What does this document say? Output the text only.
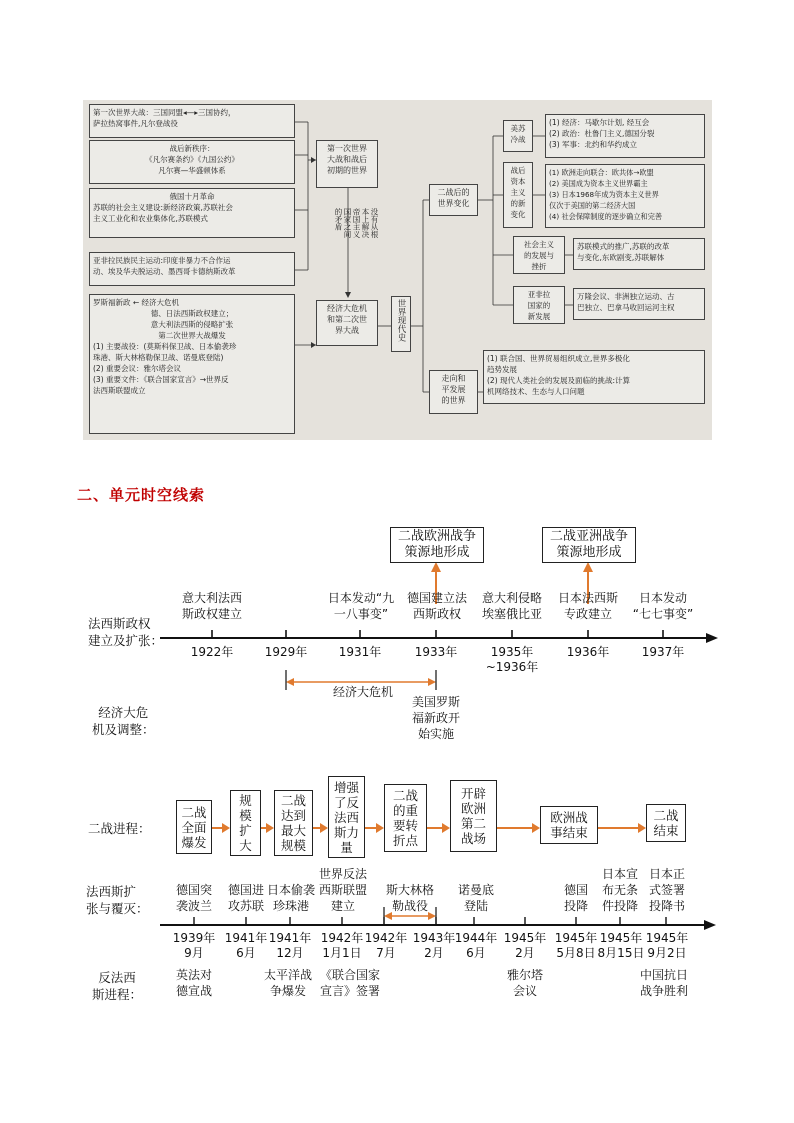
第一次世界大战：三国同盟◂—▸三国协约，
萨拉热窝事件,凡尔登战役
战后新秩序：
《凡尔赛条约》《九国公约》
凡尔赛—华盛顿体系
俄国十月革命
苏联的社会主义建设:新经济政策,苏联社会
主义工业化和农业集体化,苏联模式
亚非拉民族民主运动:印度非暴力不合作运
动、埃及华夫脱运动、墨西哥卡德纳斯改革
罗斯福新政 ← 经济大危机
德、日法西斯政权建立；
意大利法西斯的侵略扩张
第二次世界大战爆发
(1) 主要战役：(莫斯科保卫战、日本偷袭珍
珠港、斯大林格勒保卫战、诺曼底登陆)
(2) 重要会议：雅尔塔会议
(3) 重要文件：《联合国家宣言》→世界反
法西斯联盟成立
第一次世界
大战和战后
初期的世界
没有从根
本上解决
帝国主义
国家之间
的矛盾
经济大危机
和第二次世
界大战	世界现代史
二战后的
世界变化
走向和
平发展
的世界
美苏
冷战
战后
资本
主义
的新
变化
社会主义
的发展与
挫折
亚非拉
国家的
新发展
(1) 经济：马歇尔计划, 经互会
(2) 政治：杜鲁门主义,德国分裂
(3) 军事：北约和华约成立
(1) 欧洲走向联合：欧共体→欧盟
(2) 美国成为资本主义世界霸主
(3) 日本1968年成为资本主义世界
仅次于美国的第二经济大国
(4) 社会保障制度的逐步确立和完善
苏联模式的推广,苏联的改革
与变化,东欧剧变,苏联解体
万隆会议、非洲独立运动、古
巴独立、巴拿马收回运河主权
(1) 联合国、世界贸易组织成立,世界多极化
趋势发展
(2) 现代人类社会的发展及面临的挑战:计算
机网络技术、生态与人口问题
二、单元时空线索
二战欧洲战争
策源地形成
二战亚洲战争
策源地形成
法西斯政权
建立及扩张：
意大利法西
斯政权建立
日本发动“九
一八事变”
德国建立法
西斯政权
意大利侵略
埃塞俄比亚
日本法西斯
专政建立
日本发动
“七七事变”
1922年	1929年	1931年	1933年	1935年
~1936年
1936年	1937年
经济大危机
美国罗斯
福新政开
始实施
经济大危
机及调整：
二战进程：
二战
全面
爆发
规
模
扩
大
二战
达到
最大
规模
增强
了反
法西
斯力
量
二战
的重
要转
折点
开辟
欧洲
第二
战场
欧洲战
事结束
二战
结束
法西斯扩
张与覆灭：
德国突
袭波兰
德国进
攻苏联
日本偷袭
珍珠港
世界反法
西斯联盟
建立
斯大林格
勒战役
诺曼底
登陆
德国
投降
日本宣
布无条
件投降
日本正
式签署
投降书
1939年
9月
1941年
6月
1941年
12月
1942年
1月1日
1942年
7月
1943年
2月
1944年
6月
1945年
2月
1945年
5月8日
1945年
8月15日
1945年
9月2日
反法西
斯进程：
英法对
德宣战
太平洋战
争爆发
《联合国家
宣言》签署
雅尔塔
会议
中国抗日
战争胜利
